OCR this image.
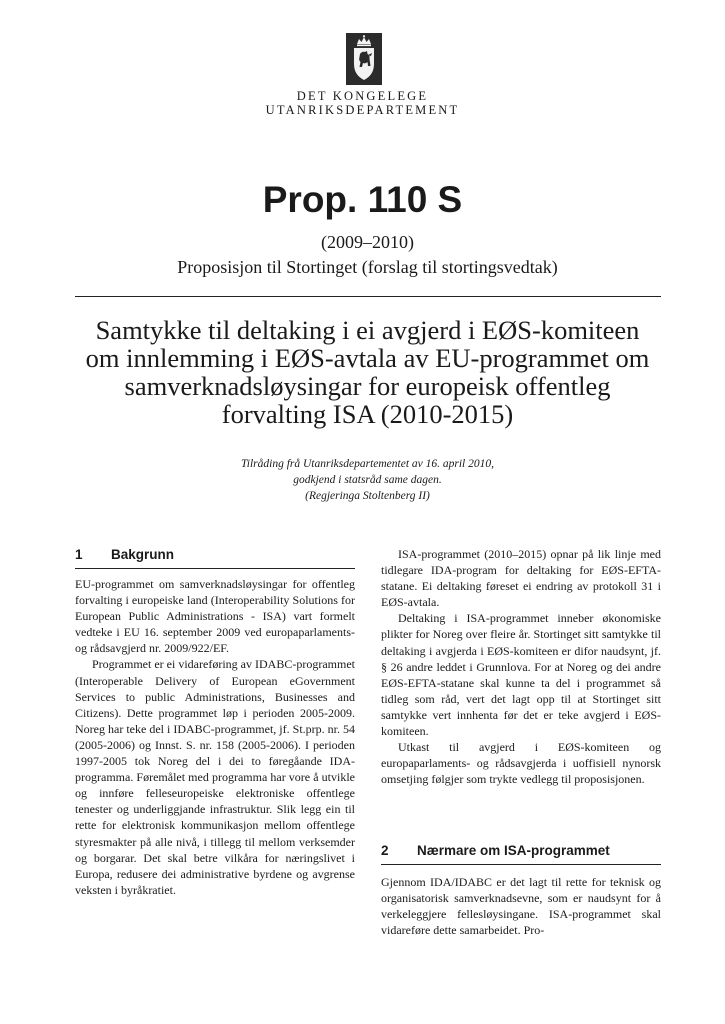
DET KONGELEGE
UTANRIKSDEPARTEMENT
Prop. 110 S
(2009–2010)
Proposisjon til Stortinget (forslag til stortingsvedtak)
Samtykke til deltaking i ei avgjerd i EØS-komiteen om innlemming i EØS-avtala av EU-programmet om samverknadsløysingar for europeisk offentleg forvalting ISA (2010-2015)
Tilråding frå Utanriksdepartementet av 16. april 2010,
godkjend i statsråd same dagen.
(Regjeringa Stoltenberg II)
1 Bakgrunn

EU-programmet om samverknadsløysingar for offentleg forvalting i europeiske land (Interoperability Solutions for European Public Administrations - ISA) vart formelt vedteke i EU 16. september 2009 ved europaparlaments- og rådsavgjerd nr. 2009/922/EF.

Programmet er ei vidareføring av IDABC-programmet (Interoperable Delivery of European eGovernment Services to public Administrations, Businesses and Citizens). Dette programmet løp i perioden 2005-2009. Noreg har teke del i IDABC-programmet, jf. St.prp. nr. 54 (2005-2006) og Innst. S. nr. 158 (2005-2006). I perioden 1997-2005 tok Noreg del i dei to føregåande IDA-programma. Føremålet med programma har vore å utvikle og innføre felleseuropeiske elektroniske offentlege tenester og underliggjande infrastruktur. Slik legg ein til rette for elektronisk kommunikasjon mellom offentlege styresmakter på alle nivå, i tillegg til mellom verksemder og borgarar. Det skal betre vilkåra for næringslivet i Europa, redusere dei administrative byrdene og avgrense veksten i byråkratiet.

ISA-programmet (2010–2015) opnar på lik linje med tidlegare IDA-program for deltaking for EØS-EFTA-statane. Ei deltaking føreset ei endring av protokoll 31 i EØS-avtala.

Deltaking i ISA-programmet inneber økonomiske plikter for Noreg over fleire år. Stortinget sitt samtykke til deltaking i avgjerda i EØS-komiteen er difor naudsynt, jf. § 26 andre leddet i Grunnlova. For at Noreg og dei andre EØS-EFTA-statane skal kunne ta del i programmet så tidleg som råd, vert det lagt opp til at Stortinget sitt samtykke vert innhenta før det er teke avgjerd i EØS-komiteen.

Utkast til avgjerd i EØS-komiteen og europaparlaments- og rådsavgjerda i uoffisiell nynorsk omsetjing følgjer som trykte vedlegg til proposisjonen.

2 Nærmare om ISA-programmet

Gjennom IDA/IDABC er det lagt til rette for teknisk og organisatorisk samverknadsevne, som er naudsynt for å verkeleggjere fellesløysingane. ISA-programmet skal vidareføre dette samarbeidet. Pro-
